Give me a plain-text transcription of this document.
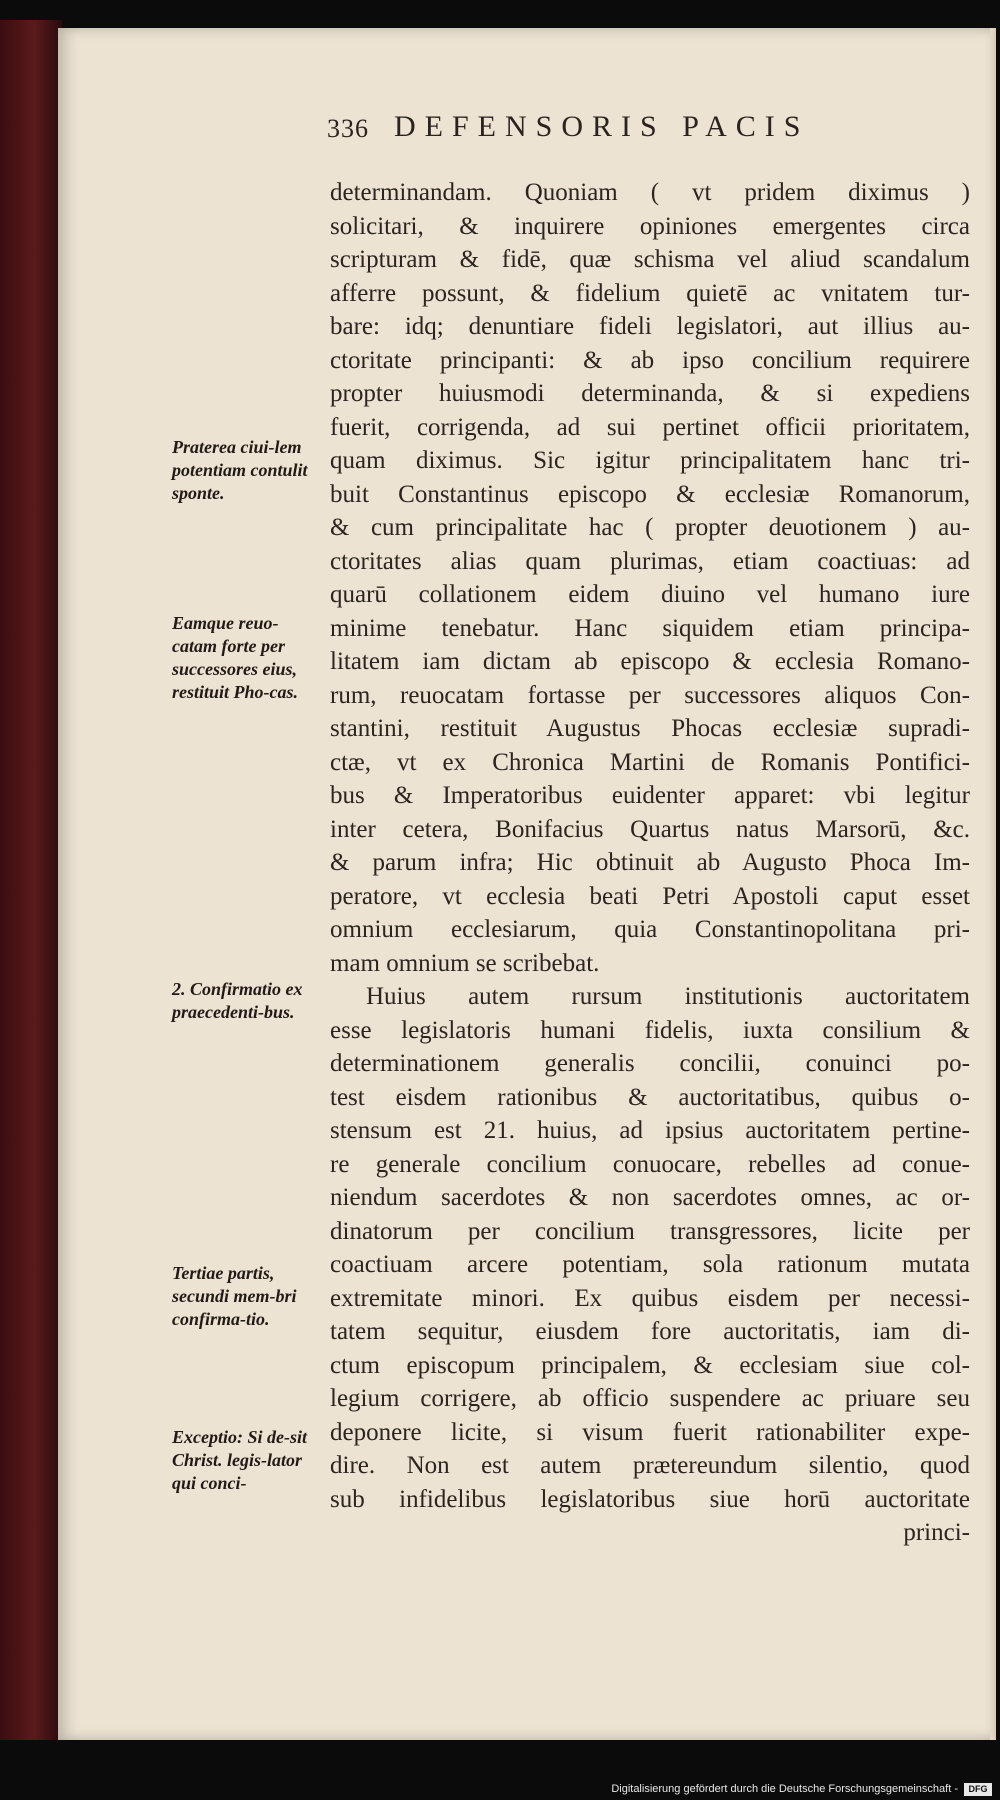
336 DEFENSORIS PACIS
Praterea ciui-lem potentiam contulit sponte.
Eamque reuo-catam forte per successores eius, restituit Pho-cas.
2. Confirmatio ex praecedenti-bus.
Tertiae partis, secundi mem-bri confirma-tio.
Exceptio: Si de-sit Christ. legis-lator qui conci-
determinandam. Quoniam ( vt pridem diximus )
solicitari, & inquirere opiniones emergentes circa
scripturam & fidē, quæ schisma vel aliud scandalum
afferre possunt, & fidelium quietē ac vnitatem tur-
bare: idq; denuntiare fideli legislatori, aut illius au-
ctoritate principanti: & ab ipso concilium requirere
propter huiusmodi determinanda, & si expediens
fuerit, corrigenda, ad sui pertinet officii prioritatem,
quam diximus. Sic igitur principalitatem hanc tri-
buit Constantinus episcopo & ecclesiæ Romanorum,
& cum principalitate hac ( propter deuotionem ) au-
ctoritates alias quam plurimas, etiam coactiuas: ad
quarū collationem eidem diuino vel humano iure
minime tenebatur. Hanc siquidem etiam principa-
litatem iam dictam ab episcopo & ecclesia Romano-
rum, reuocatam fortasse per successores aliquos Con-
stantini, restituit Augustus Phocas ecclesiæ supradi-
ctæ, vt ex Chronica Martini de Romanis Pontifici-
bus & Imperatoribus euidenter apparet: vbi legitur
inter cetera, Bonifacius Quartus natus Marsorū, &c.
& parum infra; Hic obtinuit ab Augusto Phoca Im-
peratore, vt ecclesia beati Petri Apostoli caput esset
omnium ecclesiarum, quia Constantinopolitana pri-
mam omnium se scribebat.
Huius autem rursum institutionis auctoritatem
esse legislatoris humani fidelis, iuxta consilium &
determinationem generalis concilii, conuinci po-
test eisdem rationibus & auctoritatibus, quibus o-
stensum est 21. huius, ad ipsius auctoritatem pertine-
re generale concilium conuocare, rebelles ad conue-
niendum sacerdotes & non sacerdotes omnes, ac or-
dinatorum per concilium transgressores, licite per
coactiuam arcere potentiam, sola rationum mutata
extremitate minori. Ex quibus eisdem per necessi-
tatem sequitur, eiusdem fore auctoritatis, iam di-
ctum episcopum principalem, & ecclesiam siue col-
legium corrigere, ab officio suspendere ac priuare seu
deponere licite, si visum fuerit rationabiliter expe-
dire. Non est autem prætereundum silentio, quod
sub infidelibus legislatoribus siue horū auctoritate
princi-
Digitalisierung gefördert durch die Deutsche Forschungsgemeinschaft -	DFG
